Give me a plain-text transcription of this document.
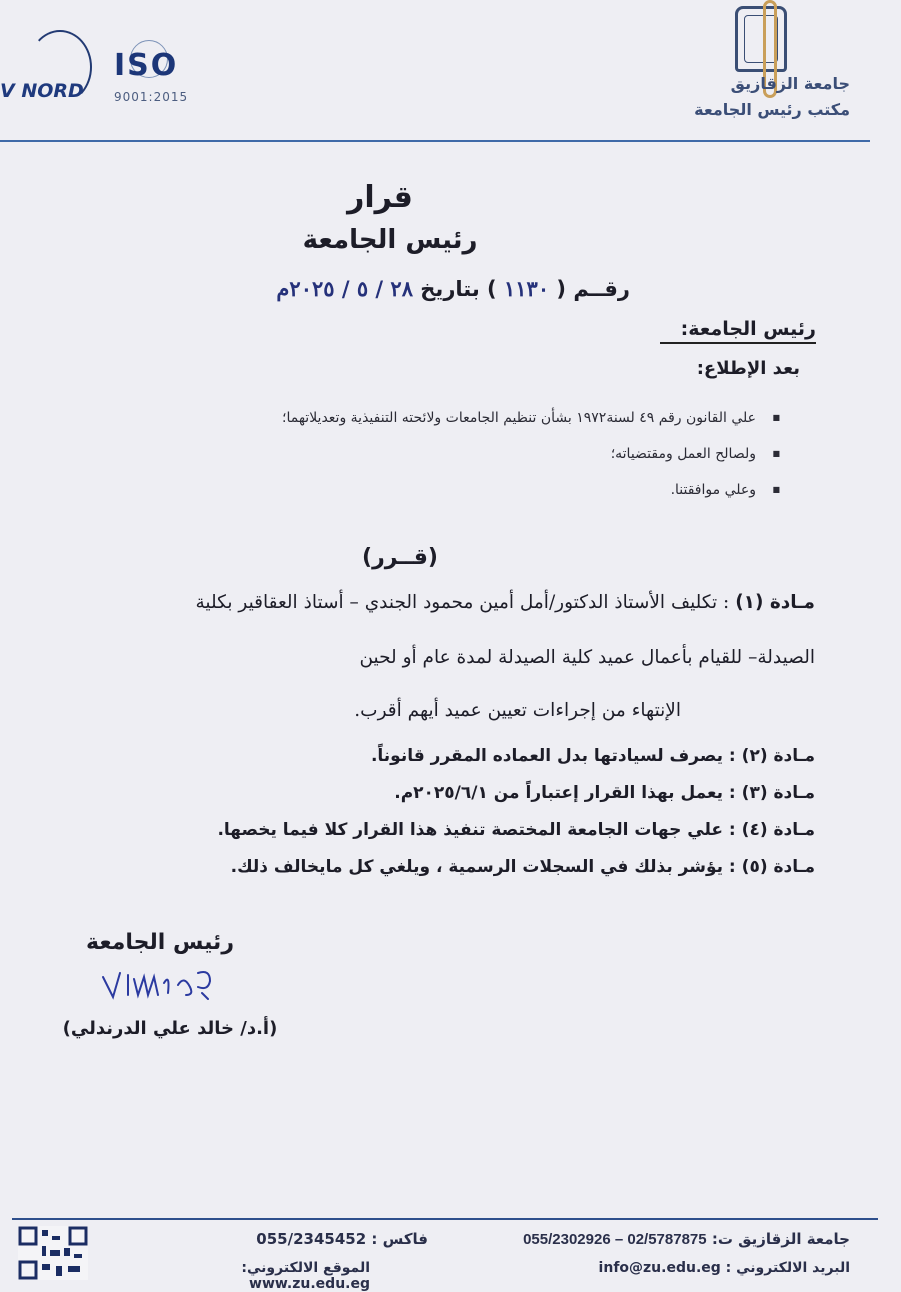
جامعة الزقازيق
مكتب رئيس الجامعة
V NORD
ISO
9001:2015
قرار
رئيس الجامعة
رقــم ( ١١٣٠ ) بتاريخ ٢٨ / ٥ / ٢٠٢٥م
رئيس الجامعة:
بعد الإطلاع:
■ علي القانون رقم ٤٩ لسنة١٩٧٢ بشأن تنظيم الجامعات ولائحته التنفيذية وتعديلاتهما؛
■ ولصالح العمل ومقتضياته؛
■ وعلي موافقتنا.
(قــرر)
مـادة (١) : تكليف الأستاذ الدكتور/أمل أمين محمود الجندي – أستاذ العقاقير بكلية
الصيدلة– للقيام بأعمال عميد كلية الصيدلة لمدة عام أو لحين
الإنتهاء من إجراءات تعيين عميد أيهم أقرب.
مـادة (٢) : يصرف لسيادتها بدل العماده المقرر قانوناً.
مـادة (٣) : يعمل بهذا القرار إعتباراً من ٢٠٢٥/٦/١م.
مـادة (٤) : علي جهات الجامعة المختصة تنفيذ هذا القرار كلا فيما يخصها.
مـادة (٥) : يؤشر بذلك في السجلات الرسمية ، ويلغي كل مايخالف ذلك.
رئيس الجامعة
(أ.د/ خالد علي الدرندلي)
جامعة الزقازيق ت: 055/2302926 – 02/5787875
فاكس : 055/2345452
البريد الالكتروني : info@zu.edu.eg
الموقع الالكتروني: www.zu.edu.eg
